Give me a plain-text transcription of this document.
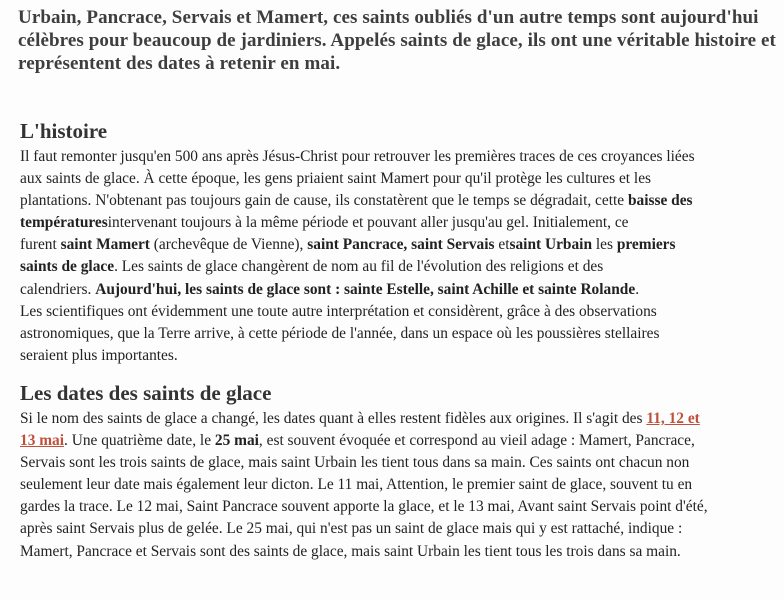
Urbain, Pancrace, Servais et Mamert, ces saints oubliés d'un autre temps sont aujourd'hui célèbres pour beaucoup de jardiniers. Appelés saints de glace, ils ont une véritable histoire et représentent des dates à retenir en mai.
L'histoire
Il faut remonter jusqu'en 500 ans après Jésus-Christ pour retrouver les premières traces de ces croyances liées
aux saints de glace. À cette époque, les gens priaient saint Mamert pour qu'il protège les cultures et les
plantations. N'obtenant pas toujours gain de cause, ils constatèrent que le temps se dégradait, cette baisse des
températuresintervenant toujours à la même période et pouvant aller jusqu'au gel. Initialement, ce
furent saint Mamert (archevêque de Vienne), saint Pancrace, saint Servais etsaint Urbain les premiers
saints de glace. Les saints de glace changèrent de nom au fil de l'évolution des religions et des
calendriers. Aujourd'hui, les saints de glace sont : sainte Estelle, saint Achille et sainte Rolande.
Les scientifiques ont évidemment une toute autre interprétation et considèrent, grâce à des observations
astronomiques, que la Terre arrive, à cette période de l'année, dans un espace où les poussières stellaires
seraient plus importantes.
Les dates des saints de glace
Si le nom des saints de glace a changé, les dates quant à elles restent fidèles aux origines. Il s'agit des 11, 12 et
13 mai. Une quatrième date, le 25 mai, est souvent évoquée et correspond au vieil adage : Mamert, Pancrace,
Servais sont les trois saints de glace, mais saint Urbain les tient tous dans sa main. Ces saints ont chacun non
seulement leur date mais également leur dicton. Le 11 mai, Attention, le premier saint de glace, souvent tu en
gardes la trace. Le 12 mai, Saint Pancrace souvent apporte la glace, et le 13 mai, Avant saint Servais point d'été,
après saint Servais plus de gelée. Le 25 mai, qui n'est pas un saint de glace mais qui y est rattaché, indique :
Mamert, Pancrace et Servais sont des saints de glace, mais saint Urbain les tient tous les trois dans sa main.
